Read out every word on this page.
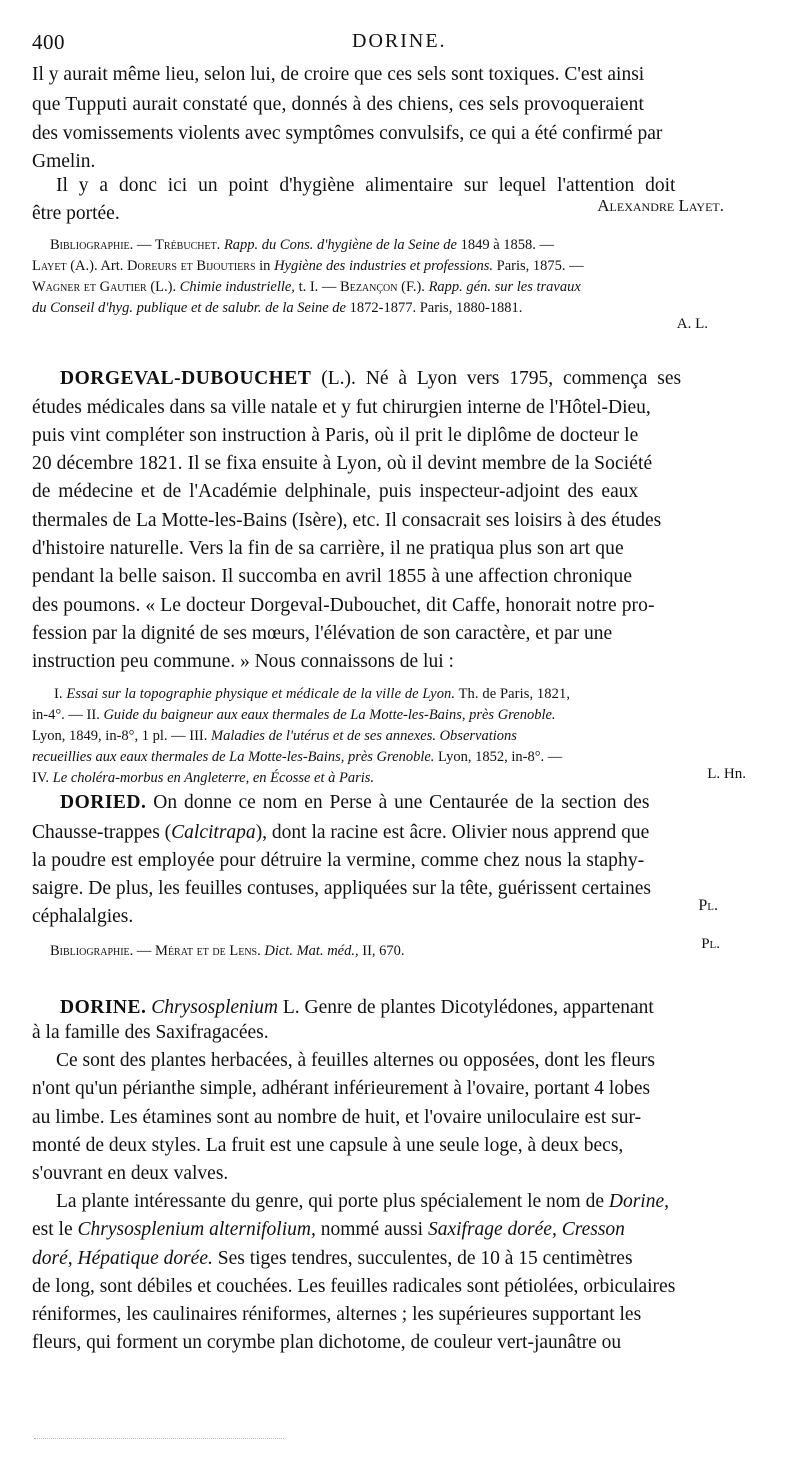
400	DORINE.
Il y aurait même lieu, selon lui, de croire que ces sels sont toxiques. C'est ainsi
que Tupputi aurait constaté que, donnés à des chiens, ces sels provoqueraient
des vomissements violents avec symptômes convulsifs, ce qui a été confirmé par
Gmelin.
Il y a donc ici un point d'hygiène alimentaire sur lequel l'attention doit
être portée.	Alexandre Layet.
Bibliographie. — Trébuchet. Rapp. du Cons. d'hygiène de la Seine de 1849 à 1858. —
Layet (A.). Art. Doreurs et Bijoutiers in Hygiène des industries et professions. Paris, 1875. —
Wagner et Gautier (L.). Chimie industrielle, t. I. — Bezançon (F.). Rapp. gén. sur les travaux
du Conseil d'hyg. publique et de salubr. de la Seine de 1872-1877. Paris, 1880-1881.
A. L.
DORGEVAL-DUBOUCHET (L.). Né à Lyon vers 1795, commença ses
études médicales dans sa ville natale et y fut chirurgien interne de l'Hôtel-Dieu,
puis vint compléter son instruction à Paris, où il prit le diplôme de docteur le
20 décembre 1821. Il se fixa ensuite à Lyon, où il devint membre de la Société
de médecine et de l'Académie delphinale, puis inspecteur-adjoint des eaux
thermales de La Motte-les-Bains (Isère), etc. Il consacrait ses loisirs à des études
d'histoire naturelle. Vers la fin de sa carrière, il ne pratiqua plus son art que
pendant la belle saison. Il succomba en avril 1855 à une affection chronique
des poumons. « Le docteur Dorgeval-Dubouchet, dit Caffe, honorait notre pro-
fession par la dignité de ses mœurs, l'élévation de son caractère, et par une
instruction peu commune. » Nous connaissons de lui :
I. Essai sur la topographie physique et médicale de la ville de Lyon. Th. de Paris, 1821,
in-4°. — II. Guide du baigneur aux eaux thermales de La Motte-les-Bains, près Grenoble.
Lyon, 1849, in-8°, 1 pl. — III. Maladies de l'utérus et de ses annexes. Observations
recueillies aux eaux thermales de La Motte-les-Bains, près Grenoble. Lyon, 1852, in-8°. —
IV. Le choléra-morbus en Angleterre, en Écosse et à Paris.	L. Hn.
DORIED. On donne ce nom en Perse à une Centaurée de la section des
Chausse-trappes (Calcitrapa), dont la racine est âcre. Olivier nous apprend que
la poudre est employée pour détruire la vermine, comme chez nous la staphy-
saigre. De plus, les feuilles contuses, appliquées sur la tête, guérissent certaines
céphalalgies.
Pl.
Bibliographie. — Mérat et de Lens. Dict. Mat. méd., II, 670.	Pl.
DORINE. Chrysosplenium L. Genre de plantes Dicotylédones, appartenant
à la famille des Saxifragacées.
Ce sont des plantes herbacées, à feuilles alternes ou opposées, dont les fleurs
n'ont qu'un périanthe simple, adhérant inférieurement à l'ovaire, portant 4 lobes
au limbe. Les étamines sont au nombre de huit, et l'ovaire uniloculaire est sur-
monté de deux styles. La fruit est une capsule à une seule loge, à deux becs,
s'ouvrant en deux valves.
La plante intéressante du genre, qui porte plus spécialement le nom de Dorine,
est le Chrysosplenium alternifolium, nommé aussi Saxifrage dorée, Cresson
doré, Hépatique dorée. Ses tiges tendres, succulentes, de 10 à 15 centimètres
de long, sont débiles et couchées. Les feuilles radicales sont pétiolées, orbiculaires
réniformes, les caulinaires réniformes, alternes ; les supérieures supportant les
fleurs, qui forment un corymbe plan dichotome, de couleur vert-jaunâtre ou
